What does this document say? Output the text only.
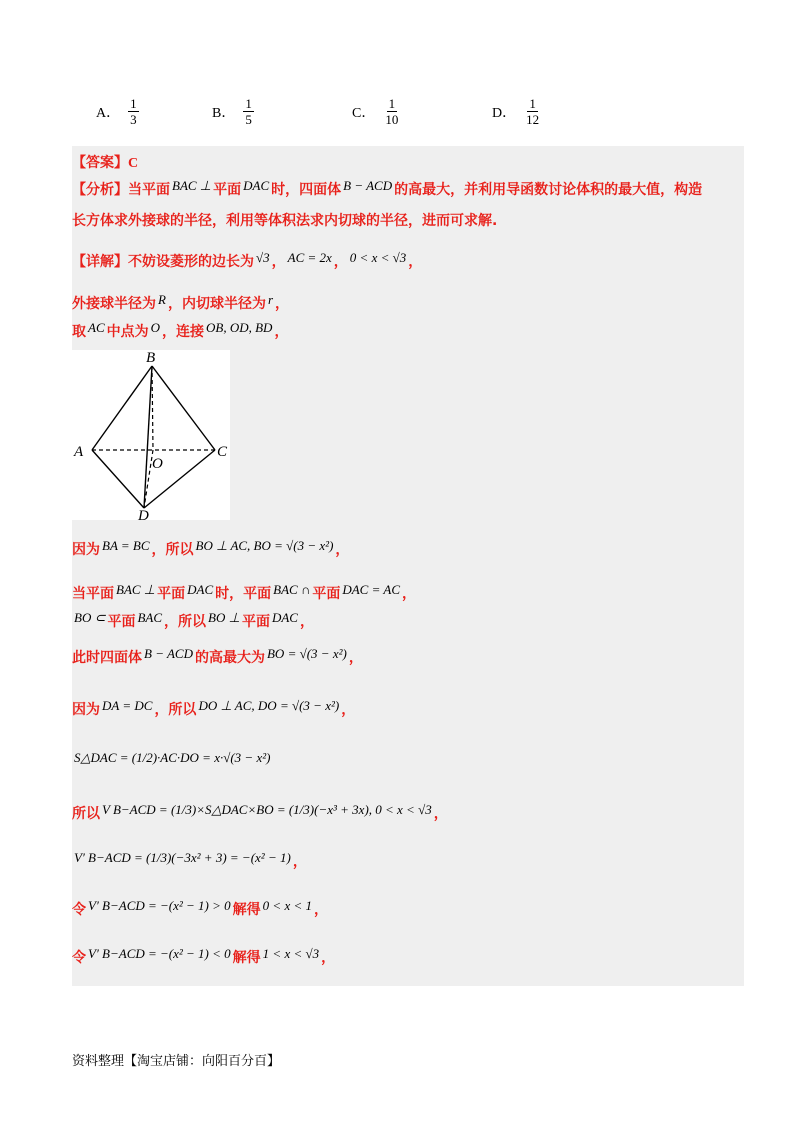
A． $\frac{1}{3}$	B． $\frac{1}{5}$	C． $\frac{1}{10}$	D． $\frac{1}{12}$
【答案】C
【分析】当平面 BAC ⊥ 平面 DAC 时，四面体 B − ACD 的高最大，并利用导函数讨论体积的最大值，构造
长方体求外接球的半径，利用等体积法求内切球的半径，进而可求解.
【详解】不妨设菱形的边长为 √3 ， AC = 2x ， 0 < x < √3 ，
外接球半径为 R ，内切球半径为 r ，
取 AC 中点为 O ，连接 OB, OD, BD ，
B
A	C
D
O
因为 BA = BC ，所以 BO ⊥ AC, BO = √(3 − x²) ，
当平面 BAC ⊥ 平面 DAC 时，平面 BAC ∩ 平面 DAC = AC ，
BO ⊂ 平面 BAC ，所以 BO ⊥ 平面 DAC ，
此时四面体 B − ACD 的高最大为 BO = √(3 − x²) ，
因为 DA = DC ，所以 DO ⊥ AC, DO = √(3 − x²) ，
S△DAC = (1/2)·AC·DO = x·√(3 − x²)
所以 V B−ACD = (1/3)×S△DAC×BO = (1/3)(−x³ + 3x), 0 < x < √3 ，
V′ B−ACD = (1/3)(−3x² + 3) = −(x² − 1) ，
令 V′ B−ACD = −(x² − 1) > 0 解得 0 < x < 1 ，
令 V′ B−ACD = −(x² − 1) < 0 解得 1 < x < √3 ，
资料整理【淘宝店铺：向阳百分百】
